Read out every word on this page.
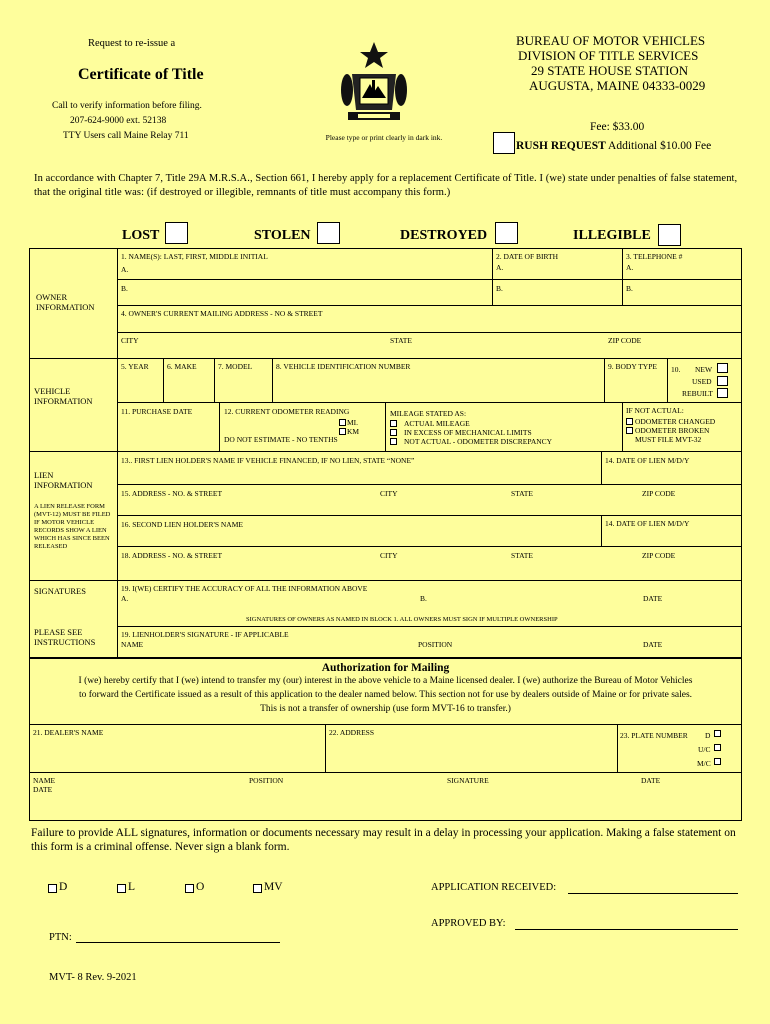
Request to re-issue a
Certificate of Title
Call to verify information before filing.
207-624-9000 ext. 52138
TTY Users call Maine Relay 711	Please type or print clearly in dark ink.
BUREAU OF MOTOR VEHICLES
DIVISION OF TITLE SERVICES
29 STATE HOUSE STATION
AUGUSTA, MAINE 04333-0029
Fee: $33.00
RUSH REQUEST Additional $10.00 Fee
In accordance with Chapter 7, Title 29A M.R.S.A., Section 661, I hereby apply for a replacement Certificate of Title. I (we) state under penalties of false statement, that the original title was: (if destroyed or illegible, remnants of title must accompany this form.)
LOST	STOLEN	DESTROYED	ILLEGIBLE
OWNER INFORMATION
1. NAME(S): LAST, FIRST, MIDDLE INITIAL
A.
2. DATE OF BIRTH
A.
3. TELEPHONE #
A.
B.	B.	B.
4. OWNER'S CURRENT MAILING ADDRESS - NO & STREET
CITY	STATE	ZIP CODE
VEHICLE INFORMATION
5. YEAR 6. MAKE	7. MODEL	8. VEHICLE IDENTIFICATION NUMBER	9. BODY TYPE 10. NEW
USED
REBUILT
11. PURCHASE DATE	12. CURRENT ODOMETER READING
MI.
KM
DO NOT ESTIMATE - NO TENTHS
MILEAGE STATED AS:
ACTUAL MILEAGE
IN EXCESS OF MECHANICAL LIMITS
NOT ACTUAL - ODOMETER DISCREPANCY
IF NOT ACTUAL:
ODOMETER CHANGED
ODOMETER BROKEN
MUST FILE MVT-32
LIEN INFORMATION
A LIEN RELEASE FORM
(MVT-12) MUST BE FILED
IF MOTOR VEHICLE
RECORDS SHOW A LIEN
WHICH HAS SINCE BEEN
RELEASED
13.. FIRST LIEN HOLDER'S NAME IF VEHICLE FINANCED, IF NO LIEN, STATE “NONE”	14. DATE OF LIEN M/D/Y
15. ADDRESS - NO. & STREET	CITY	STATE	ZIP CODE
16. SECOND LIEN HOLDER'S NAME	14. DATE OF LIEN M/D/Y
18. ADDRESS - NO. & STREET	CITY	STATE	ZIP CODE
SIGNATURES
PLEASE SEE INSTRUCTIONS
19. I(WE) CERTIFY THE ACCURACY OF ALL THE INFORMATION ABOVE
A.	B.	DATE
SIGNATURES OF OWNERS AS NAMED IN BLOCK 1. ALL OWNERS MUST SIGN IF MULTIPLE OWNERSHIP
19. LIENHOLDER'S SIGNATURE - IF APPLICABLE
NAME	POSITION	DATE
Authorization for Mailing
I (we) hereby certify that I (we) intend to transfer my (our) interest in the above vehicle to a Maine licensed dealer. I (we) authorize the Bureau of Motor Vehicles
to forward the Certificate issued as a result of this application to the dealer named below. This section not for use by dealers outside of Maine or for private sales.
This is not a transfer of ownership (use form MVT-16 to transfer.)
21. DEALER'S NAME	22. ADDRESS	23. PLATE NUMBER D
U/C
M/C
NAME
DATE
POSITION	SIGNATURE	DATE
Failure to provide ALL signatures, information or documents necessary may result in a delay in processing your application. Making a false statement on this form is a criminal offense. Never sign a blank form.
D	L	O	MV	APPLICATION RECEIVED:
APPROVED BY:
PTN:
MVT- 8 Rev. 9-2021
